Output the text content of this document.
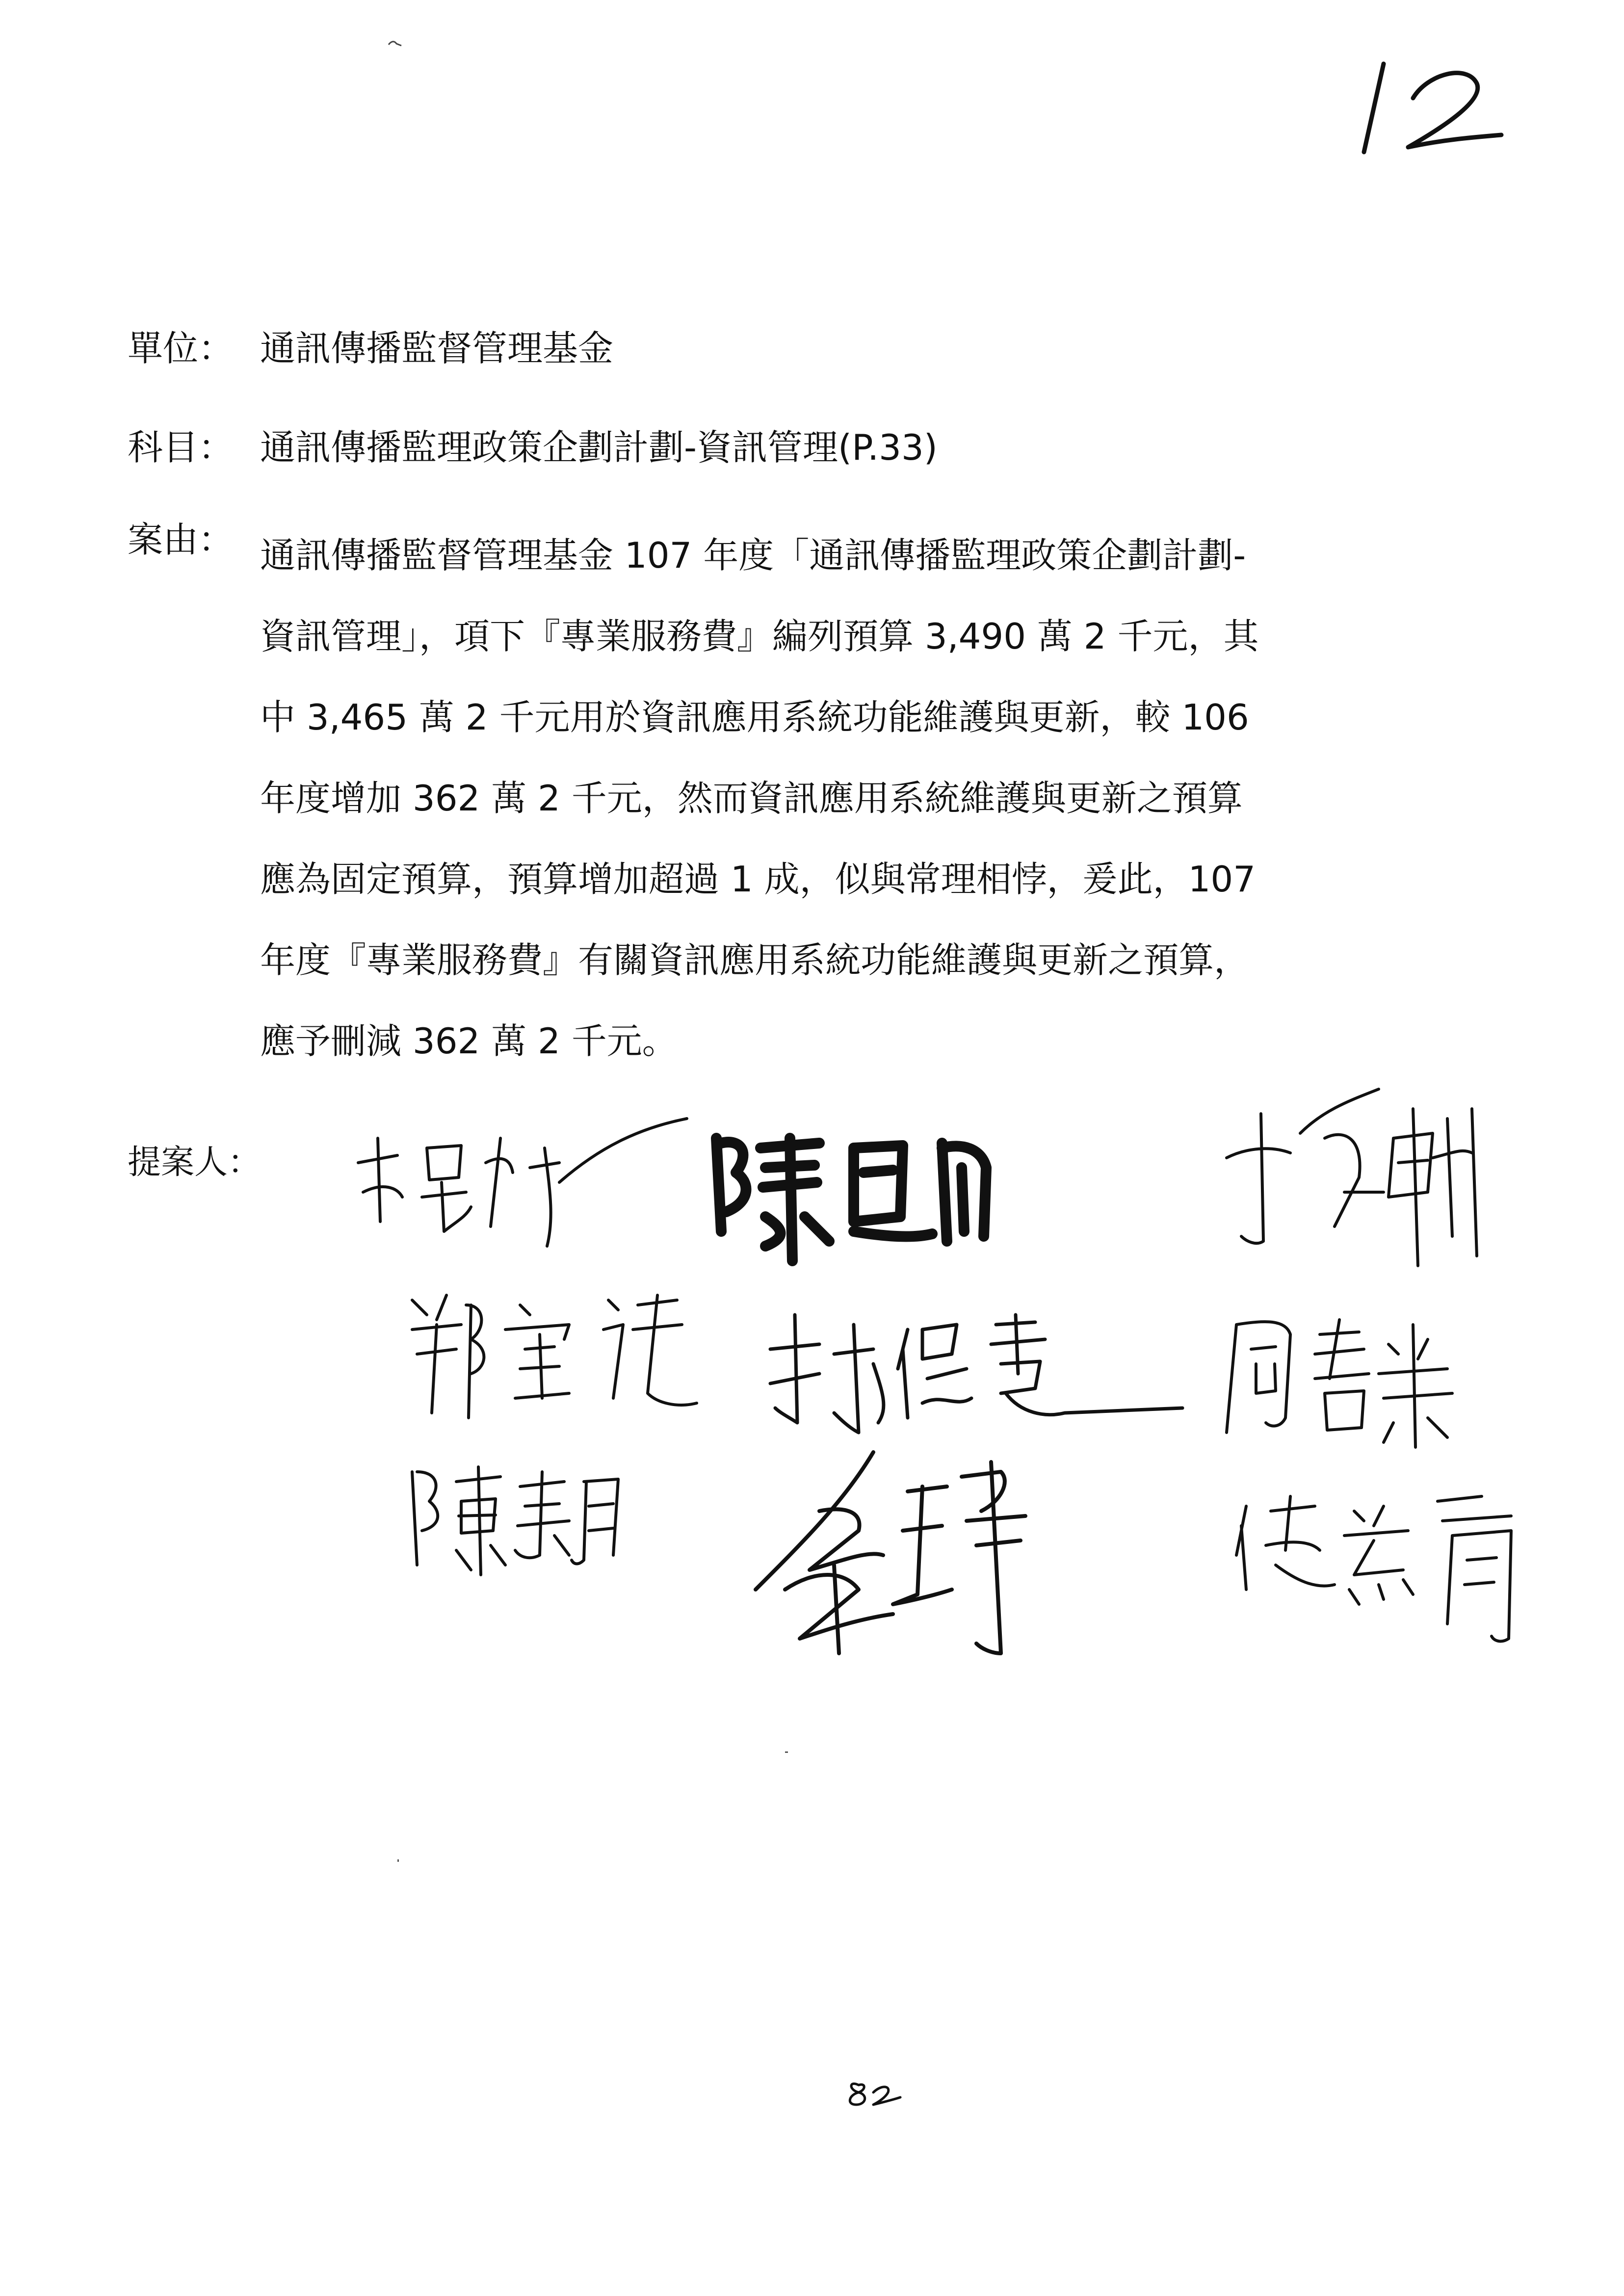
單位： 通訊傳播監督管理基金
科目： 通訊傳播監理政策企劃計劃-資訊管理(P.33)
案由： 通訊傳播監督管理基金 107 年度「通訊傳播監理政策企劃計劃-
資訊管理」，項下『專業服務費』編列預算 3,490 萬 2 千元，其
中 3,465 萬 2 千元用於資訊應用系統功能維護與更新，較 106
年度增加 362 萬 2 千元，然而資訊應用系統維護與更新之預算
應為固定預算，預算增加超過 1 成，似與常理相悖，爰此，107
年度『專業服務費』有關資訊應用系統功能維護與更新之預算，
應予刪減 362 萬 2 千元。
提案人：
